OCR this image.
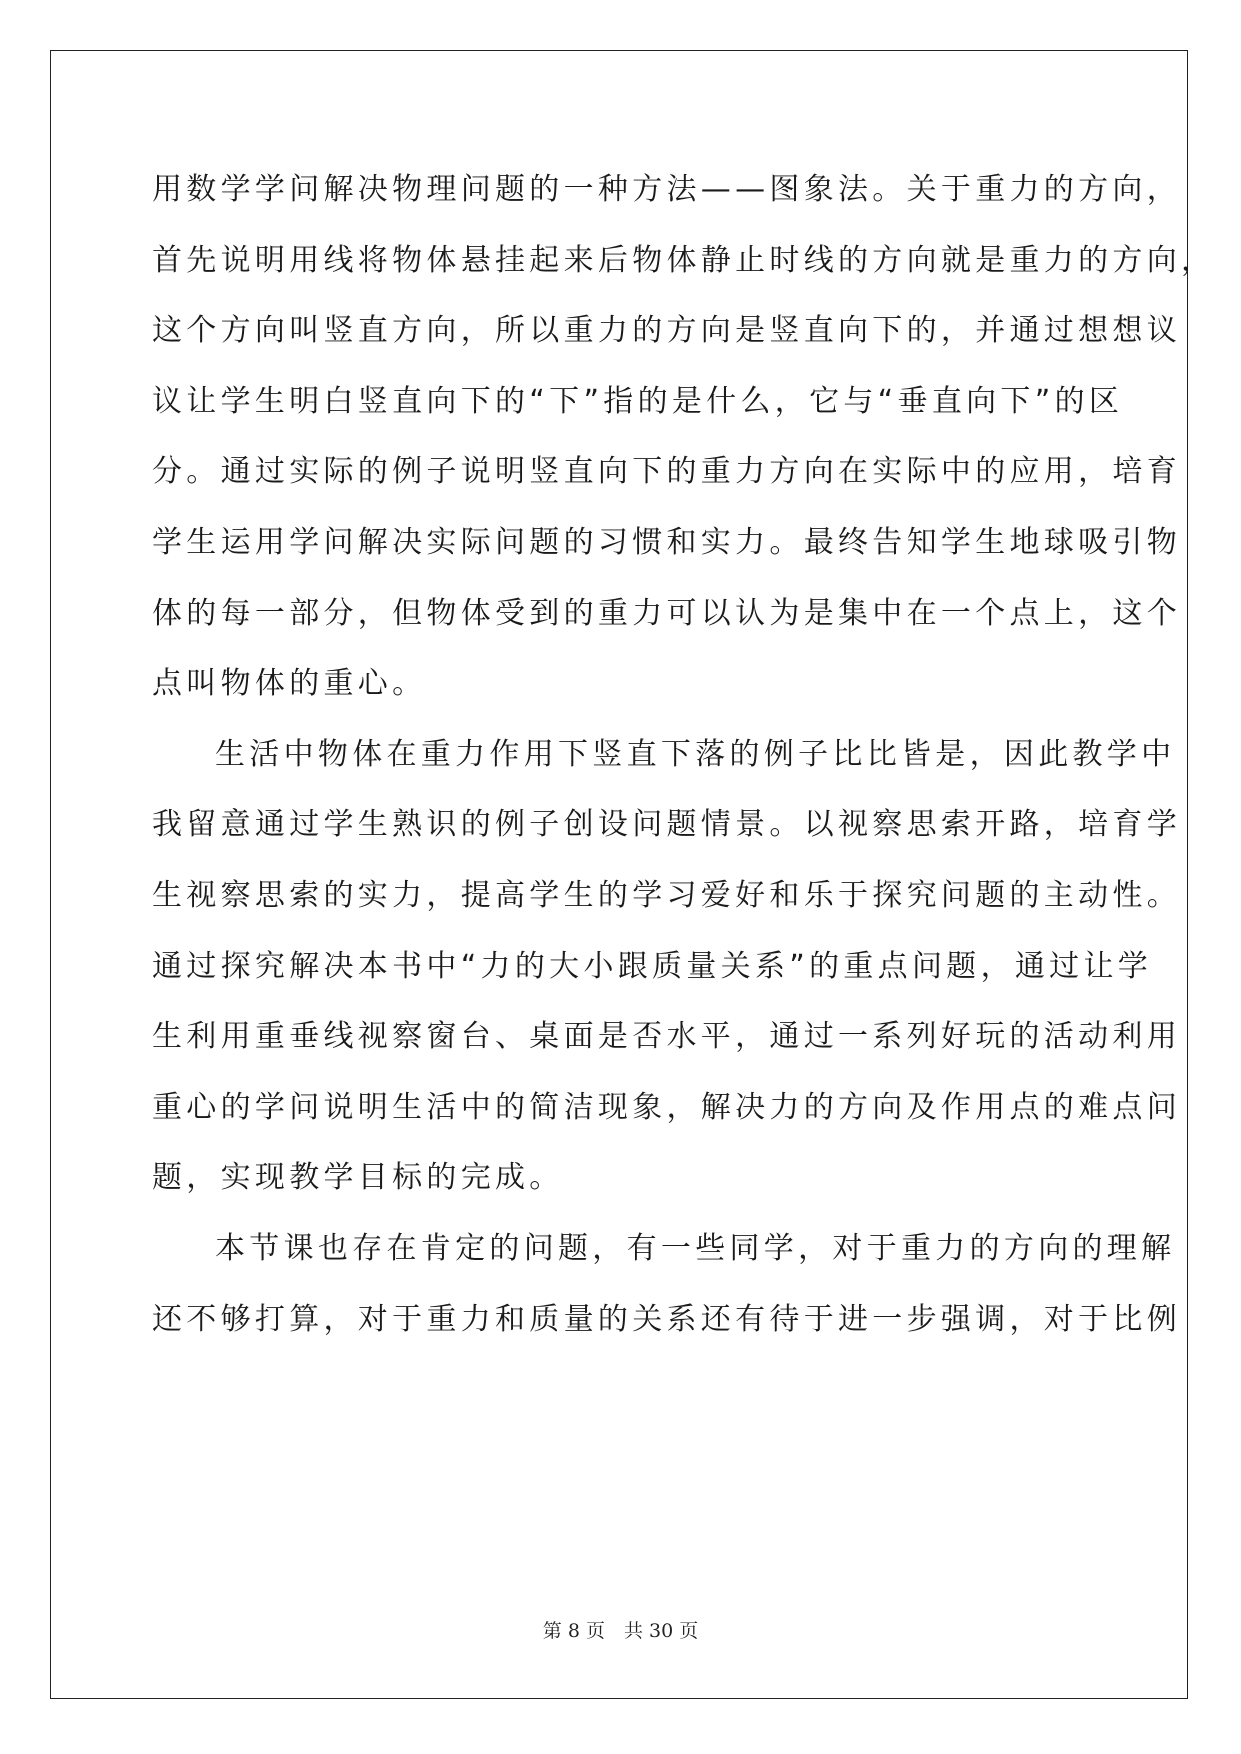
用数学学问解决物理问题的一种方法——图象法。关于重力的方向，
首先说明用线将物体悬挂起来后物体静止时线的方向就是重力的方向，
这个方向叫竖直方向，所以重力的方向是竖直向下的，并通过想想议
议让学生明白竖直向下的“下”指的是什么，它与“垂直向下”的区
分。通过实际的例子说明竖直向下的重力方向在实际中的应用，培育
学生运用学问解决实际问题的习惯和实力。最终告知学生地球吸引物
体的每一部分，但物体受到的重力可以认为是集中在一个点上，这个
点叫物体的重心。
生活中物体在重力作用下竖直下落的例子比比皆是，因此教学中
我留意通过学生熟识的例子创设问题情景。以视察思索开路，培育学
生视察思索的实力，提高学生的学习爱好和乐于探究问题的主动性。
通过探究解决本书中“力的大小跟质量关系”的重点问题，通过让学
生利用重垂线视察窗台、桌面是否水平，通过一系列好玩的活动利用
重心的学问说明生活中的简洁现象，解决力的方向及作用点的难点问
题，实现教学目标的完成。
本节课也存在肯定的问题，有一些同学，对于重力的方向的理解
还不够打算，对于重力和质量的关系还有待于进一步强调，对于比例
第 8 页　共 30 页
